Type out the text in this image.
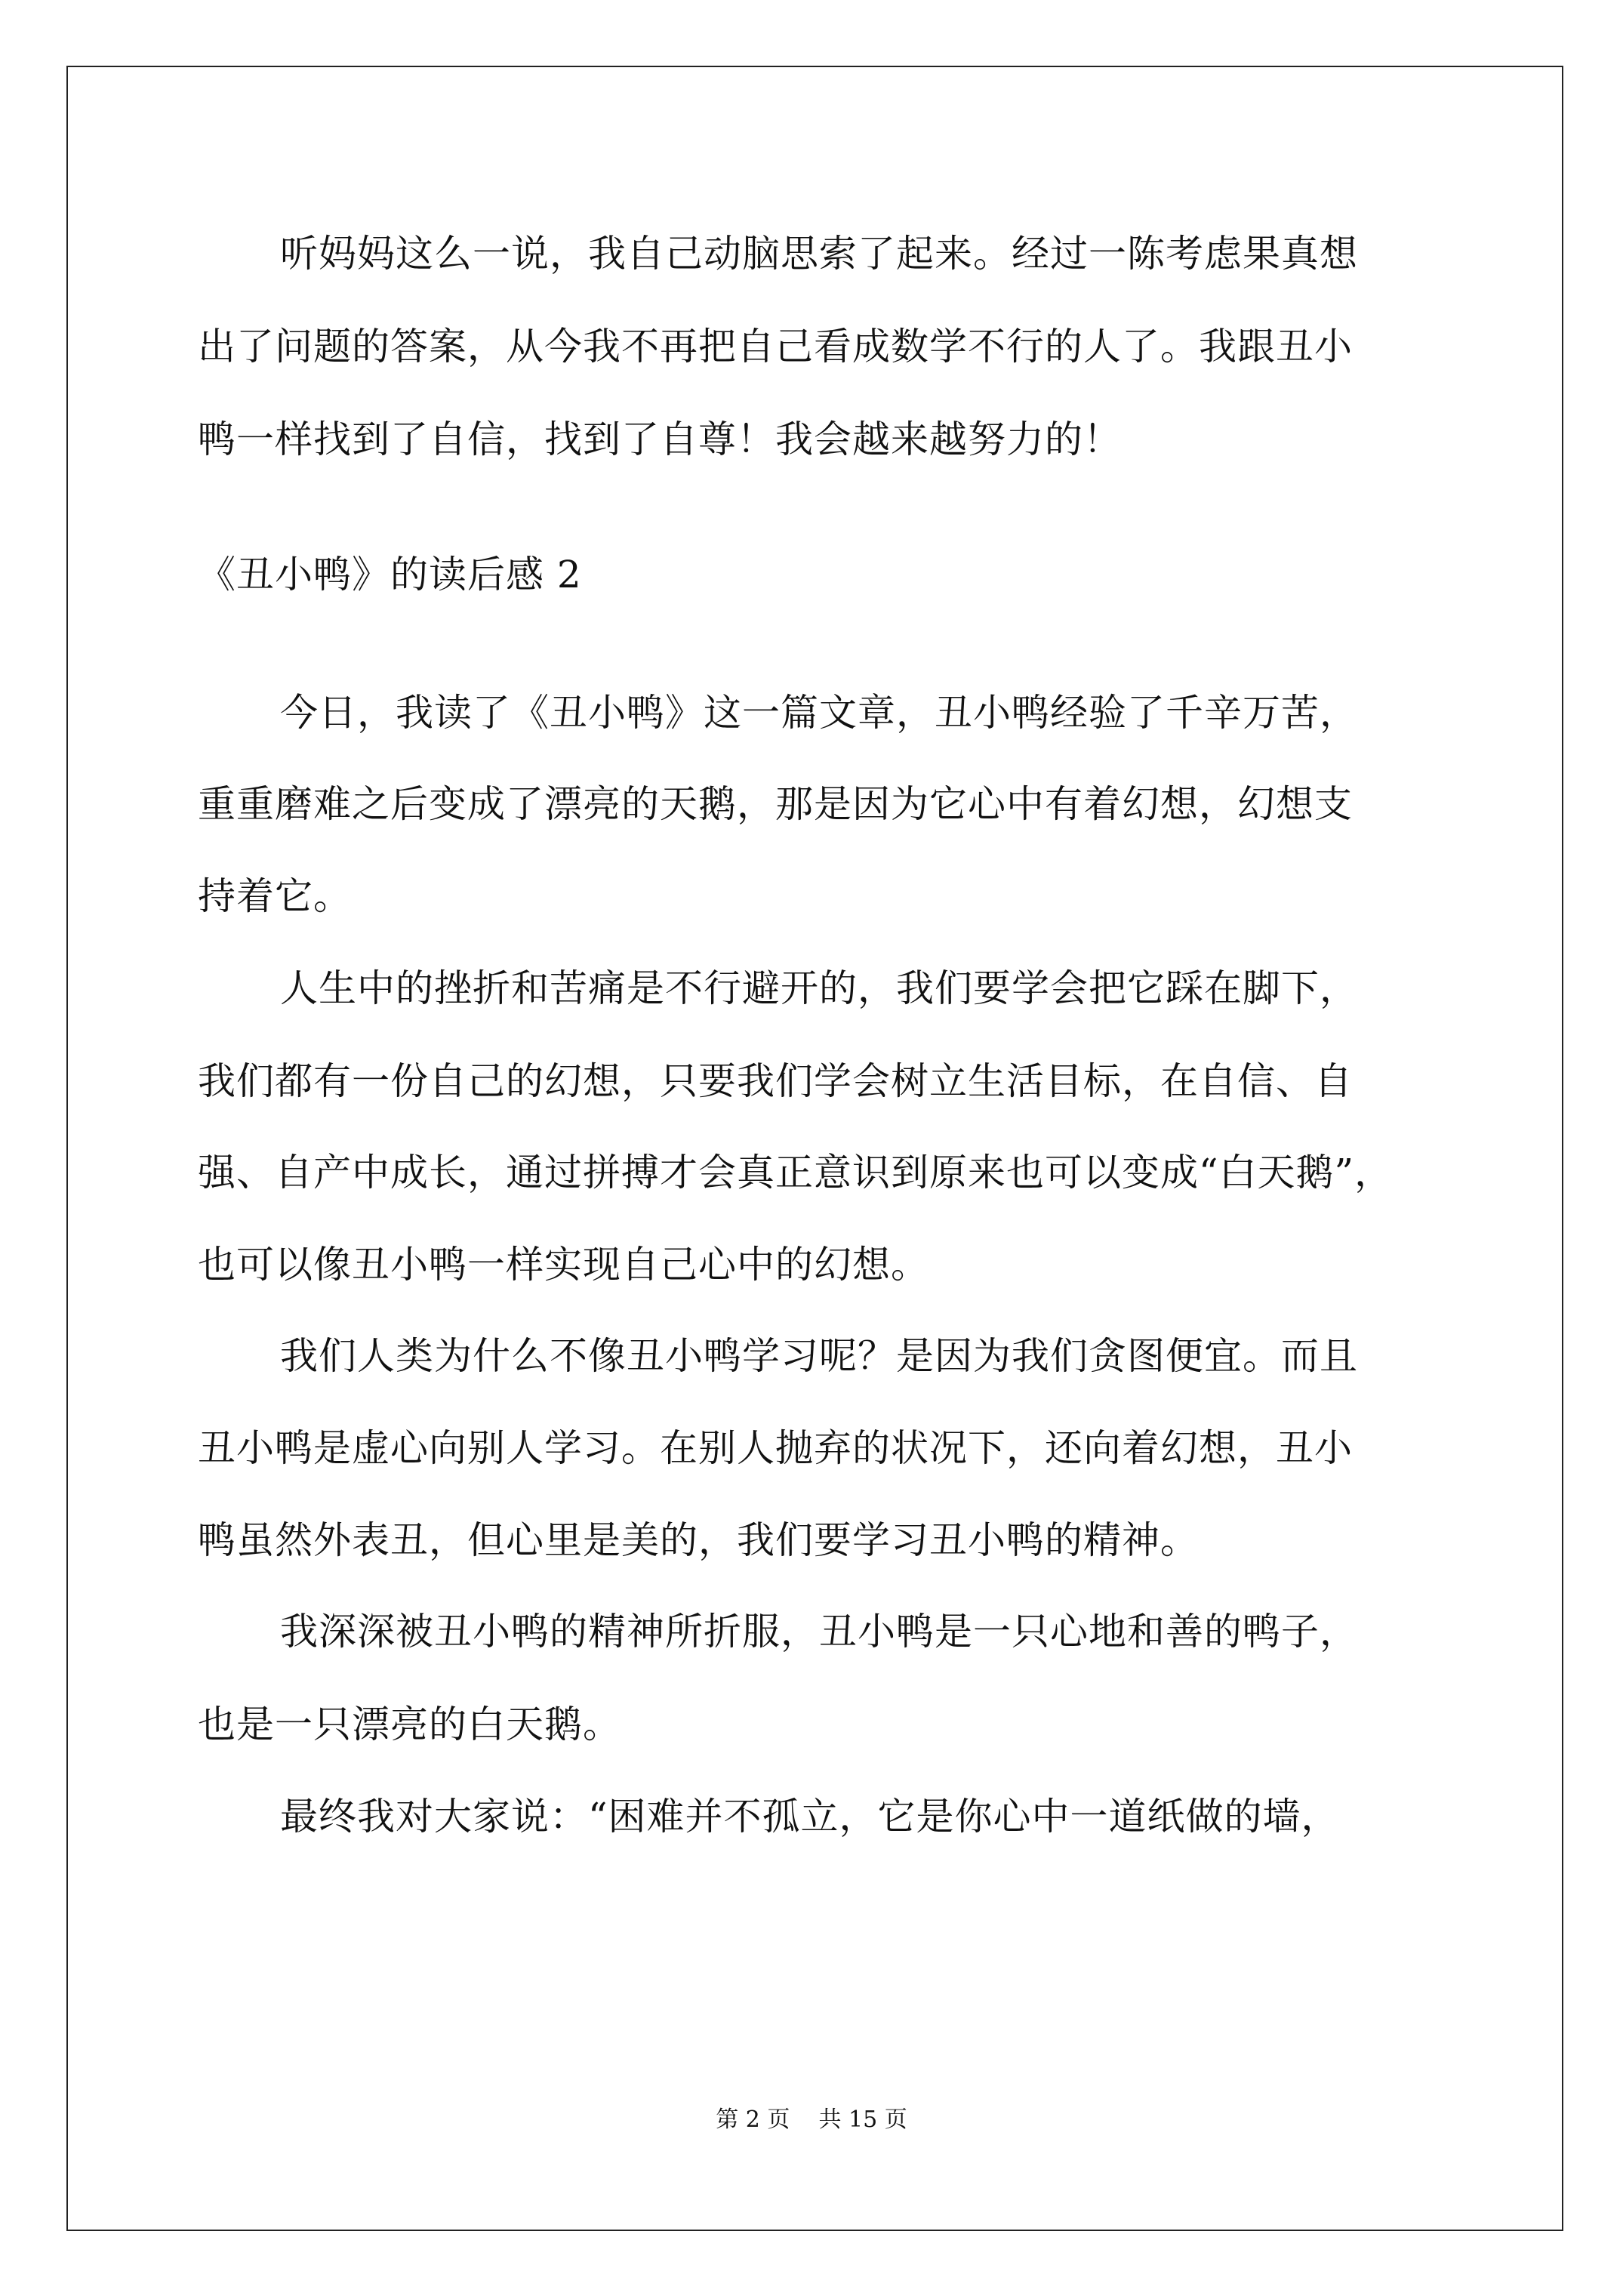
听妈妈这么一说，我自己动脑思索了起来。经过一陈考虑果真想
出了问题的答案，从今我不再把自己看成数学不行的人了。我跟丑小
鸭一样找到了自信，找到了自尊！我会越来越努力的！
《丑小鸭》的读后感 2
今日，我读了《丑小鸭》这一篇文章，丑小鸭经验了千辛万苦，
重重磨难之后变成了漂亮的天鹅，那是因为它心中有着幻想，幻想支
持着它。
人生中的挫折和苦痛是不行避开的，我们要学会把它踩在脚下，
我们都有一份自己的幻想，只要我们学会树立生活目标，在自信、自
强、自产中成长，通过拼搏才会真正意识到原来也可以变成“白天鹅”，
也可以像丑小鸭一样实现自己心中的幻想。
我们人类为什么不像丑小鸭学习呢？是因为我们贪图便宜。而且
丑小鸭是虚心向别人学习。在别人抛弃的状况下，还向着幻想，丑小
鸭虽然外表丑，但心里是美的，我们要学习丑小鸭的精神。
我深深被丑小鸭的精神所折服，丑小鸭是一只心地和善的鸭子，
也是一只漂亮的白天鹅。
最终我对大家说：“困难并不孤立，它是你心中一道纸做的墙，
第 2 页    共 15 页
